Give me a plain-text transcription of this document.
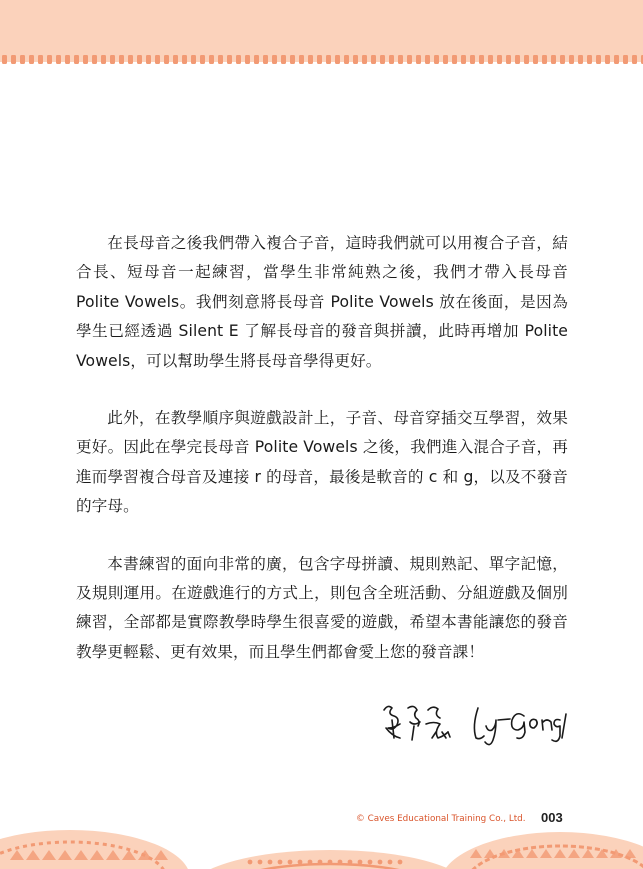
在長母音之後我們帶入複合子音，這時我們就可以用複合子音，結合長、短母音一起練習，當學生非常純熟之後，我們才帶入長母音 Polite Vowels。我們刻意將長母音 Polite Vowels 放在後面，是因為學生已經透過 Silent E 了解長母音的發音與拼讀，此時再增加 Polite Vowels，可以幫助學生將長母音學得更好。

此外，在教學順序與遊戲設計上，子音、母音穿插交互學習，效果更好。因此在學完長母音 Polite Vowels 之後，我們進入混合子音，再進而學習複合母音及連接 r 的母音，最後是軟音的 c 和 g，以及不發音的字母。

本書練習的面向非常的廣，包含字母拼讀、規則熟記、單字記憶，及規則運用。在遊戲進行的方式上，則包含全班活動、分組遊戲及個別練習，全部都是實際教學時學生很喜愛的遊戲，希望本書能讓您的發音教學更輕鬆、更有效果，而且學生們都會愛上您的發音課！

© Caves Educational Training Co., Ltd. 003
